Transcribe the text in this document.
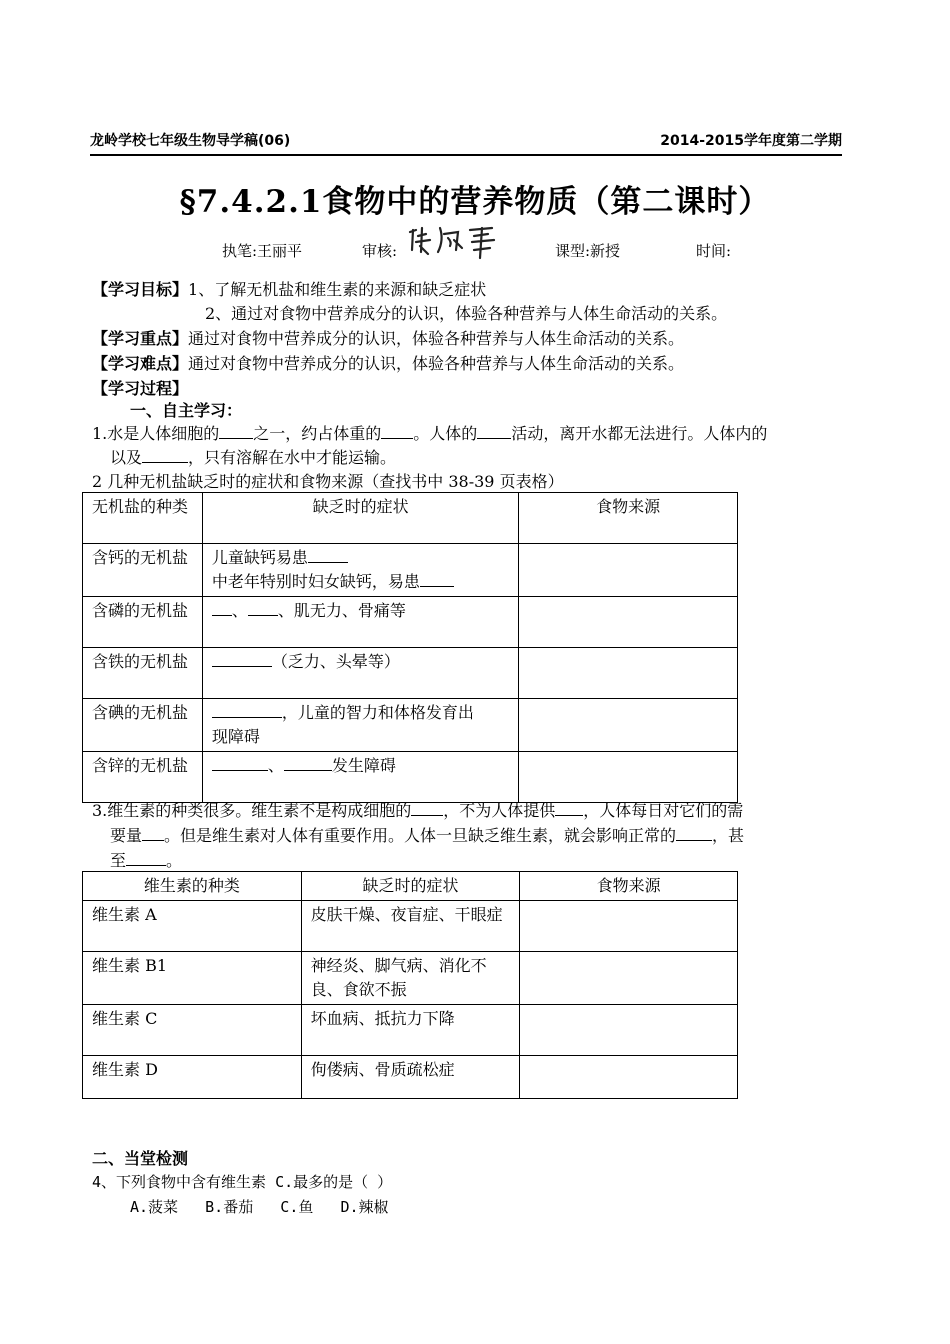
龙岭学校七年级生物导学稿(06)	2014-2015学年度第二学期
§7.4.2.1食物中的营养物质（第二课时）
执笔:王丽平	审核:	课型:新授	时间:
【学习目标】1、了解无机盐和维生素的来源和缺乏症状
2、通过对食物中营养成分的认识，体验各种营养与人体生命活动的关系。
【学习重点】通过对食物中营养成分的认识，体验各种营养与人体生命活动的关系。
【学习难点】通过对食物中营养成分的认识，体验各种营养与人体生命活动的关系。
【学习过程】
一、自主学习：
1.水是人体细胞的 之一，约占体重的 。人体的 活动，离开水都无法进行。人体内的
以及	，只有溶解在水中才能运输。
2 几种无机盐缺乏时的症状和食物来源（查找书中 38-39 页表格）
无机盐的种类	缺乏时的症状	食物来源
含钙的无机盐	儿童缺钙易患
中老年特别时妇女缺钙，易患	
含磷的无机盐	、 、肌无力、骨痛等	
含铁的无机盐	（乏力、头晕等）	
含碘的无机盐	，儿童的智力和体格发育出
现障碍	
含锌的无机盐	、 发生障碍	
3.维生素的种类很多。维生素不是构成细胞的 ，不为人体提供 ，人体每日对它们的需
要量 。但是维生素对人体有重要作用。人体一旦缺乏维生素，就会影响正常的 ，甚
至	。
维生素的种类	缺乏时的症状	食物来源
维生素 A	皮肤干燥、夜盲症、干眼症	
维生素 B1	神经炎、脚气病、消化不良、食欲不振	
维生素 C	坏血病、抵抗力下降	
维生素 D	佝偻病、骨质疏松症	
二、当堂检测
4、下列食物中含有维生素 C.最多的是（ ）
A.菠菜   B.番茄   C.鱼   D.辣椒
